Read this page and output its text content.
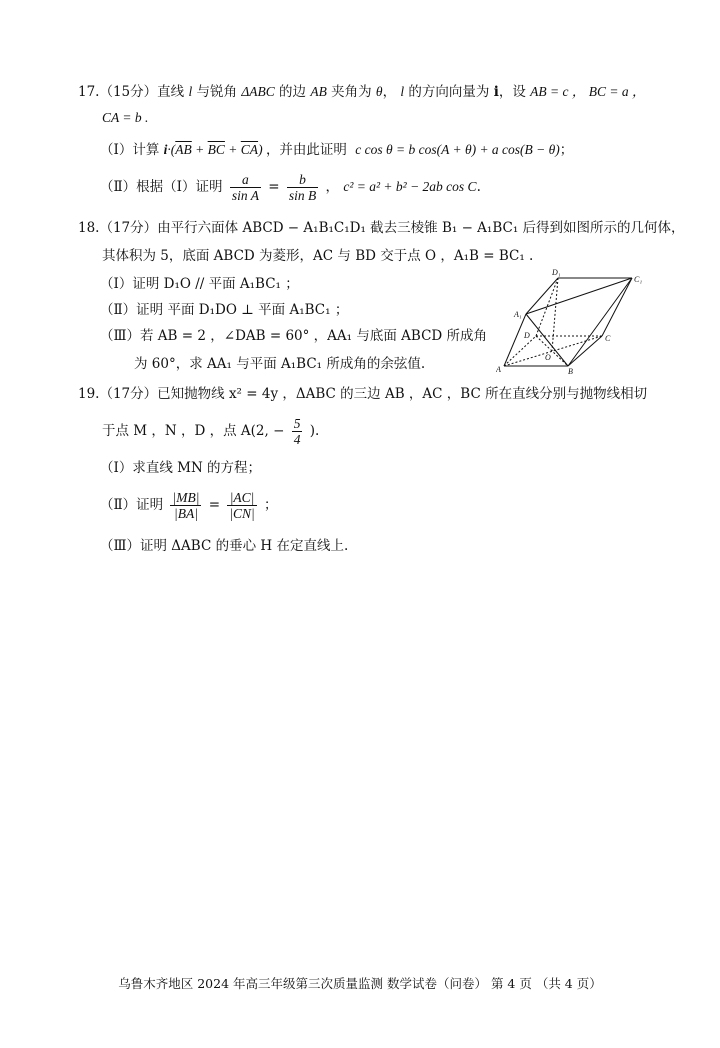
17.（15分）直线 l 与锐角 ΔABC 的边 AB 夹角为 θ， l 的方向向量为 i，设 AB = c ， BC = a ，
CA = b .
（Ⅰ）计算 $i\cdot(\overline{AB} + \overline{BC} + \overline{CA})$ ，并由此证明 c cos θ = b cos(A + θ) + a cos(B − θ)；
（Ⅱ）根据（Ⅰ）证明 $\frac{a}{\text{sin A}} = \frac{b}{\text{sin B}}$ ， c² = a² + b² − 2ab cos C.
18.（17分）由平行六面体 ABCD − A₁B₁C₁D₁ 截去三棱锥 B₁ − A₁BC₁ 后得到如图所示的几何体，
其体积为 5，底面 ABCD 为菱形，AC 与 BD 交于点 O ，A₁B = BC₁ .
（Ⅰ）证明 D₁O // 平面 A₁BC₁ ；
（Ⅱ）证明 平面 D₁DO ⊥ 平面 A₁BC₁ ；
（Ⅲ）若 AB = 2 ，∠DAB = 60° ，AA₁ 与底面 ABCD 所成角
为 60°，求 AA₁ 与平面 A₁BC₁ 所成角的余弦值.
D₁
C₁
A₁
D	C
O
A	B
19.（17分）已知抛物线 x² = 4y ，ΔABC 的三边 AB ，AC ，BC 所在直线分别与抛物线相切
于点 M ，N ，D ，点 A(2, − $\frac{5}{4}$ ).
（Ⅰ）求直线 MN 的方程；
（Ⅱ）证明 $\frac{|MB|}{|BA|} = \frac{|AC|}{|CN|}$ ；
（Ⅲ）证明 ΔABC 的垂心 H 在定直线上.
乌鲁木齐地区 2024 年高三年级第三次质量监测 数学试卷（问卷） 第 4 页 （共 4 页）
